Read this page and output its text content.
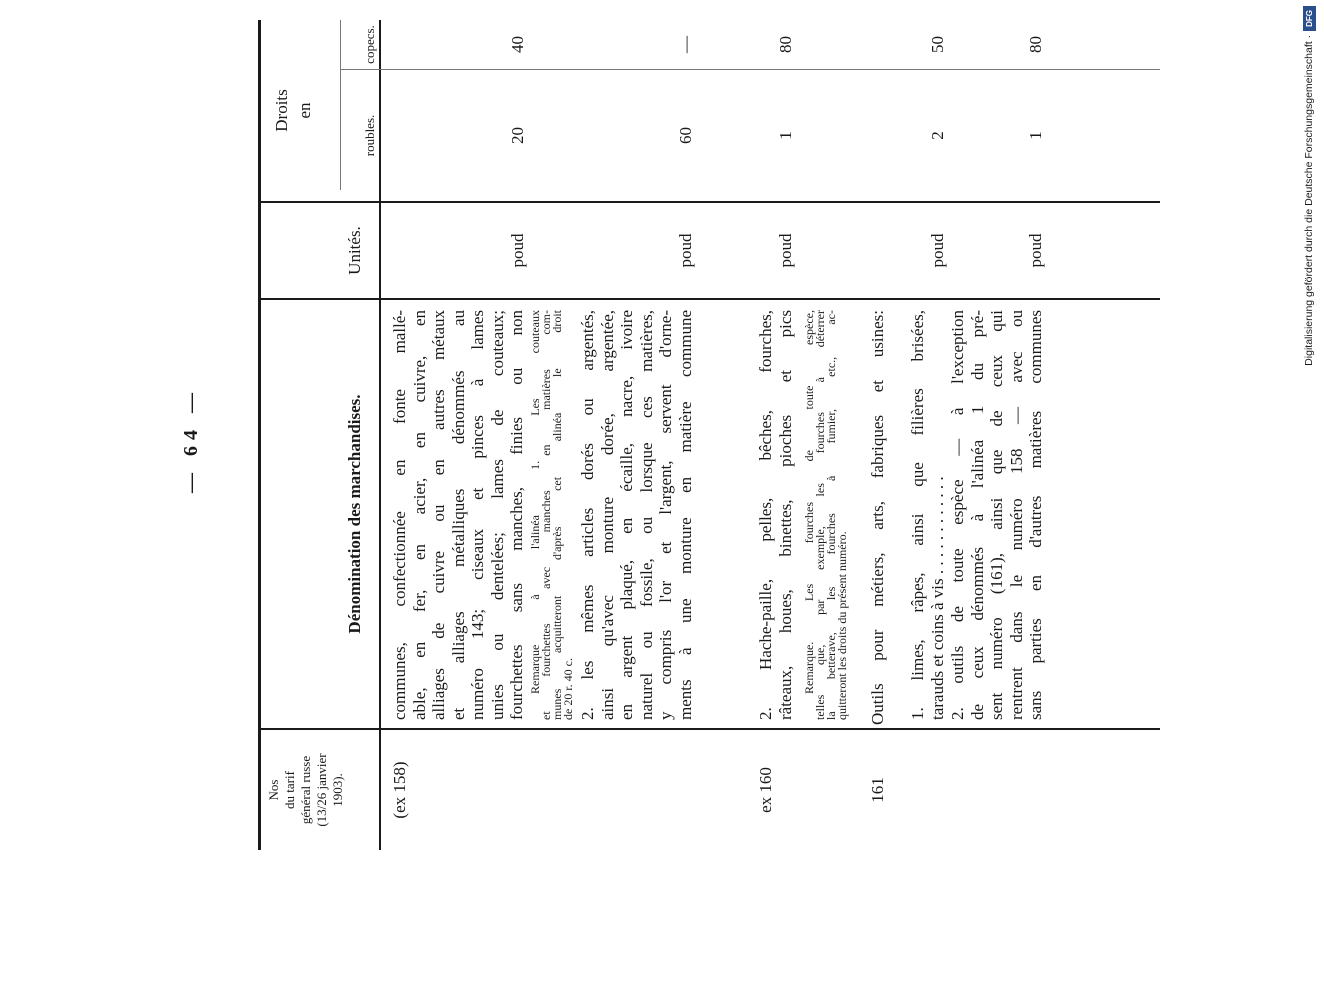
Digitalisierung gefördert durch die Deutsche Forschungsgemeinschaft ·
DFG
— 64 —
Nos du tarif général russe (13/26 janvier 1903).
Dénomination des marchandises.
Unités.
Droits en
roubles.
copecs.
(ex 158)
communes, confectionnée en fonte mallé- able, en fer, en acier, en cuivre, en alliages de cuivre ou en autres métaux et alliages métalliques dénommés au numéro 143; ciseaux et pinces à lames unies ou dentelées; lames de couteaux; fourchettes sans manches, finies ou non
poud
20
40
Remarque à l'alinéa 1. Les couteaux
et fourchettes avec manches en matières com-
munes acquitteront d'après cet alinéa le droit
de 20 r. 40 c. 2. les mêmes articles dorés ou argentés, ainsi qu'avec monture dorée, argentée, en argent plaqué, en écaille, nacre, ivoire naturel ou fossile, ou lorsque ces matières, y compris l'or et l'argent, servent d'orne- ments à une monture en matière commune
poud
60
—
ex 160
2. Hache-paille, pelles, bêches, fourches, râteaux, houes, binettes, pioches et pics
poud
1
80
Remarque. Les fourches de toute espèce,
telles que, par exemple, les fourches à déterrer
la betterave, les fourches à fumier, etc., ac-
quitteront les droits du présent numéro.
161
Outils pour métiers, arts, fabriques et usines: 1. limes, râpes, ainsi que filières brisées, tarauds et coins à vis . . . . . . . . . . . .
poud
2
50
2. outils de toute espèce — à l'exception de ceux dénommés à l'alinéa 1 du pré- sent numéro (161), ainsi que de ceux qui rentrent dans le numéro 158 — avec ou sans parties en d'autres matières communes
poud
1
80
